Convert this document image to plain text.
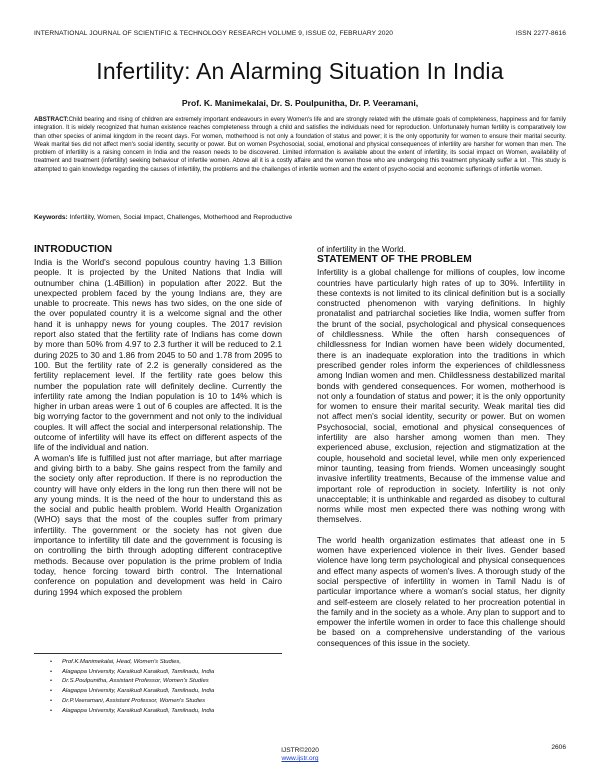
INTERNATIONAL JOURNAL OF SCIENTIFIC & TECHNOLOGY RESEARCH VOLUME 9, ISSUE 02, FEBRUARY 2020	ISSN 2277-8616
Infertility: An Alarming Situation In India
Prof. K. Manimekalai, Dr. S. Poulpunitha, Dr. P. Veeramani,
ABSTRACT:Child bearing and rising of children are extremely important endeavours in every Women's life and are strongly related with the ultimate goals of completeness, happiness and for family integration. It is widely recognized that human existence reaches completeness through a child and satisfies the individuals need for reproduction. Unfortunately human fertility is comparatively low than other species of animal kingdom in the recent days. For women, motherhood is not only a foundation of status and power; it is the only opportunity for women to ensure their marital security. Weak marital ties did not affect men's social identity, security or power. But on women Psychosocial, social, emotional and physical consequences of infertility are harsher for women than men. The problem of infertility is a raising concern in India and the reason needs to be discovered. Limited information is available about the extent of infertility, its social impact on Women, availability of treatment and treatment (infertility) seeking behaviour of infertile women. Above all it is a costly affaire and the women those who are undergoing this treatment physically suffer a lot . This study is attempted to gain knowledge regarding the causes of infertility, the problems and the challenges of infertile women and the extent of psycho-social and economic sufferings of infertile women.
Keywords: Infertility, Women, Social Impact, Challenges, Motherhood and Reproductive
INTRODUCTION

India is the World's second populous country having 1.3 Billion people. It is projected by the United Nations that India will outnumber china (1.4Billion) in population after 2022. But the unexpected problem faced by the young Indians are, they are unable to procreate. This news has two sides, on the one side of the over populated country it is a welcome signal and the other hand it is unhappy news for young couples. The 2017 revision report also stated that the fertility rate of Indians has come down by more than 50% from 4.97 to 2.3 further it will be reduced to 2.1 during 2025 to 30 and 1.86 from 2045 to 50 and 1.78 from 2095 to 100. But the fertility rate of 2.2 is generally considered as the fertility replacement level. If the fertility rate goes below this number the population rate will definitely decline. Currently the infertility rate among the Indian population is 10 to 14% which is higher in urban areas were 1 out of 6 couples are affected. It is the big worrying factor to the government and not only to the individual couples. It will affect the social and interpersonal relationship. The outcome of infertility will have its effect on different aspects of the life of the individual and nation.

A woman's life is fulfilled just not after marriage, but after marriage and giving birth to a baby. She gains respect from the family and the society only after reproduction. If there is no reproduction the country will have only elders in the long run then there will not be any young minds. It is the need of the hour to understand this as the social and public health problem. World Health Organization (WHO) says that the most of the couples suffer from primary infertility. The government or the society has not given due importance to infertility till date and the government is focusing is on controlling the birth through adopting different contraceptive methods. Because over population is the prime problem of India today, hence forcing toward birth control. The International conference on population and development was held in Cairo during 1994 which exposed the problem

of infertility in the World.

STATEMENT OF THE PROBLEM

Infertility is a global challenge for millions of couples, low income countries have particularly high rates of up to 30%. Infertility in these contexts is not limited to its clinical definition but is a socially constructed phenomenon with varying definitions. In highly pronatalist and patriarchal societies like India, women suffer from the brunt of the social, psychological and physical consequences of childlessness. While the often harsh consequences of childlessness for Indian women have been widely documented, there is an inadequate exploration into the traditions in which prescribed gender roles inform the experiences of childlessness among Indian women and men. Childlessness destabilized marital bonds with gendered consequences. For women, motherhood is not only a foundation of status and power; it is the only opportunity for women to ensure their marital security. Weak marital ties did not affect men's social identity, security or power. But on women Psychosocial, social, emotional and physical consequences of infertility are also harsher among women than men. They experienced abuse, exclusion, rejection and stigmatization at the couple, household and societal level, while men only experienced minor taunting, teasing from friends. Women unceasingly sought invasive infertility treatments, Because of the immense value and important role of reproduction in society. Infertility is not only unacceptable; it is unthinkable and regarded as disobey to cultural norms while most men expected there was nothing wrong with themselves.

The world health organization estimates that atleast one in 5 women have experienced violence in their lives. Gender based violence have long term psychological and physical consequences and effect many aspects of women's lives. A thorough study of the social perspective of infertility in women in Tamil Nadu is of particular importance where a woman's social status, her dignity and self-esteem are closely related to her procreation potential in the family and in the society as a whole. Any plan to support and to empower the infertile women in order to face this challenge should be based on a comprehensive understanding of the various consequences of this issue in the society.

• Prof.K.Manimekalai, Head, Women's Studies,
• Alagappa University, Karaikudi Karaikudi, Tamilnadu, India
• Dr.S.Poulpunitha, Assistant Professor, Women's Studies
• Alagappa University, Karaikudi Karaikudi, Tamilnadu, India
• Dr.P.Veeramani, Assistant Professor, Women's Studies
• Alagappa University, Karaikudi Karaikudi, Tamilnadu, India
2606
IJSTR©2020
www.ijstr.org
